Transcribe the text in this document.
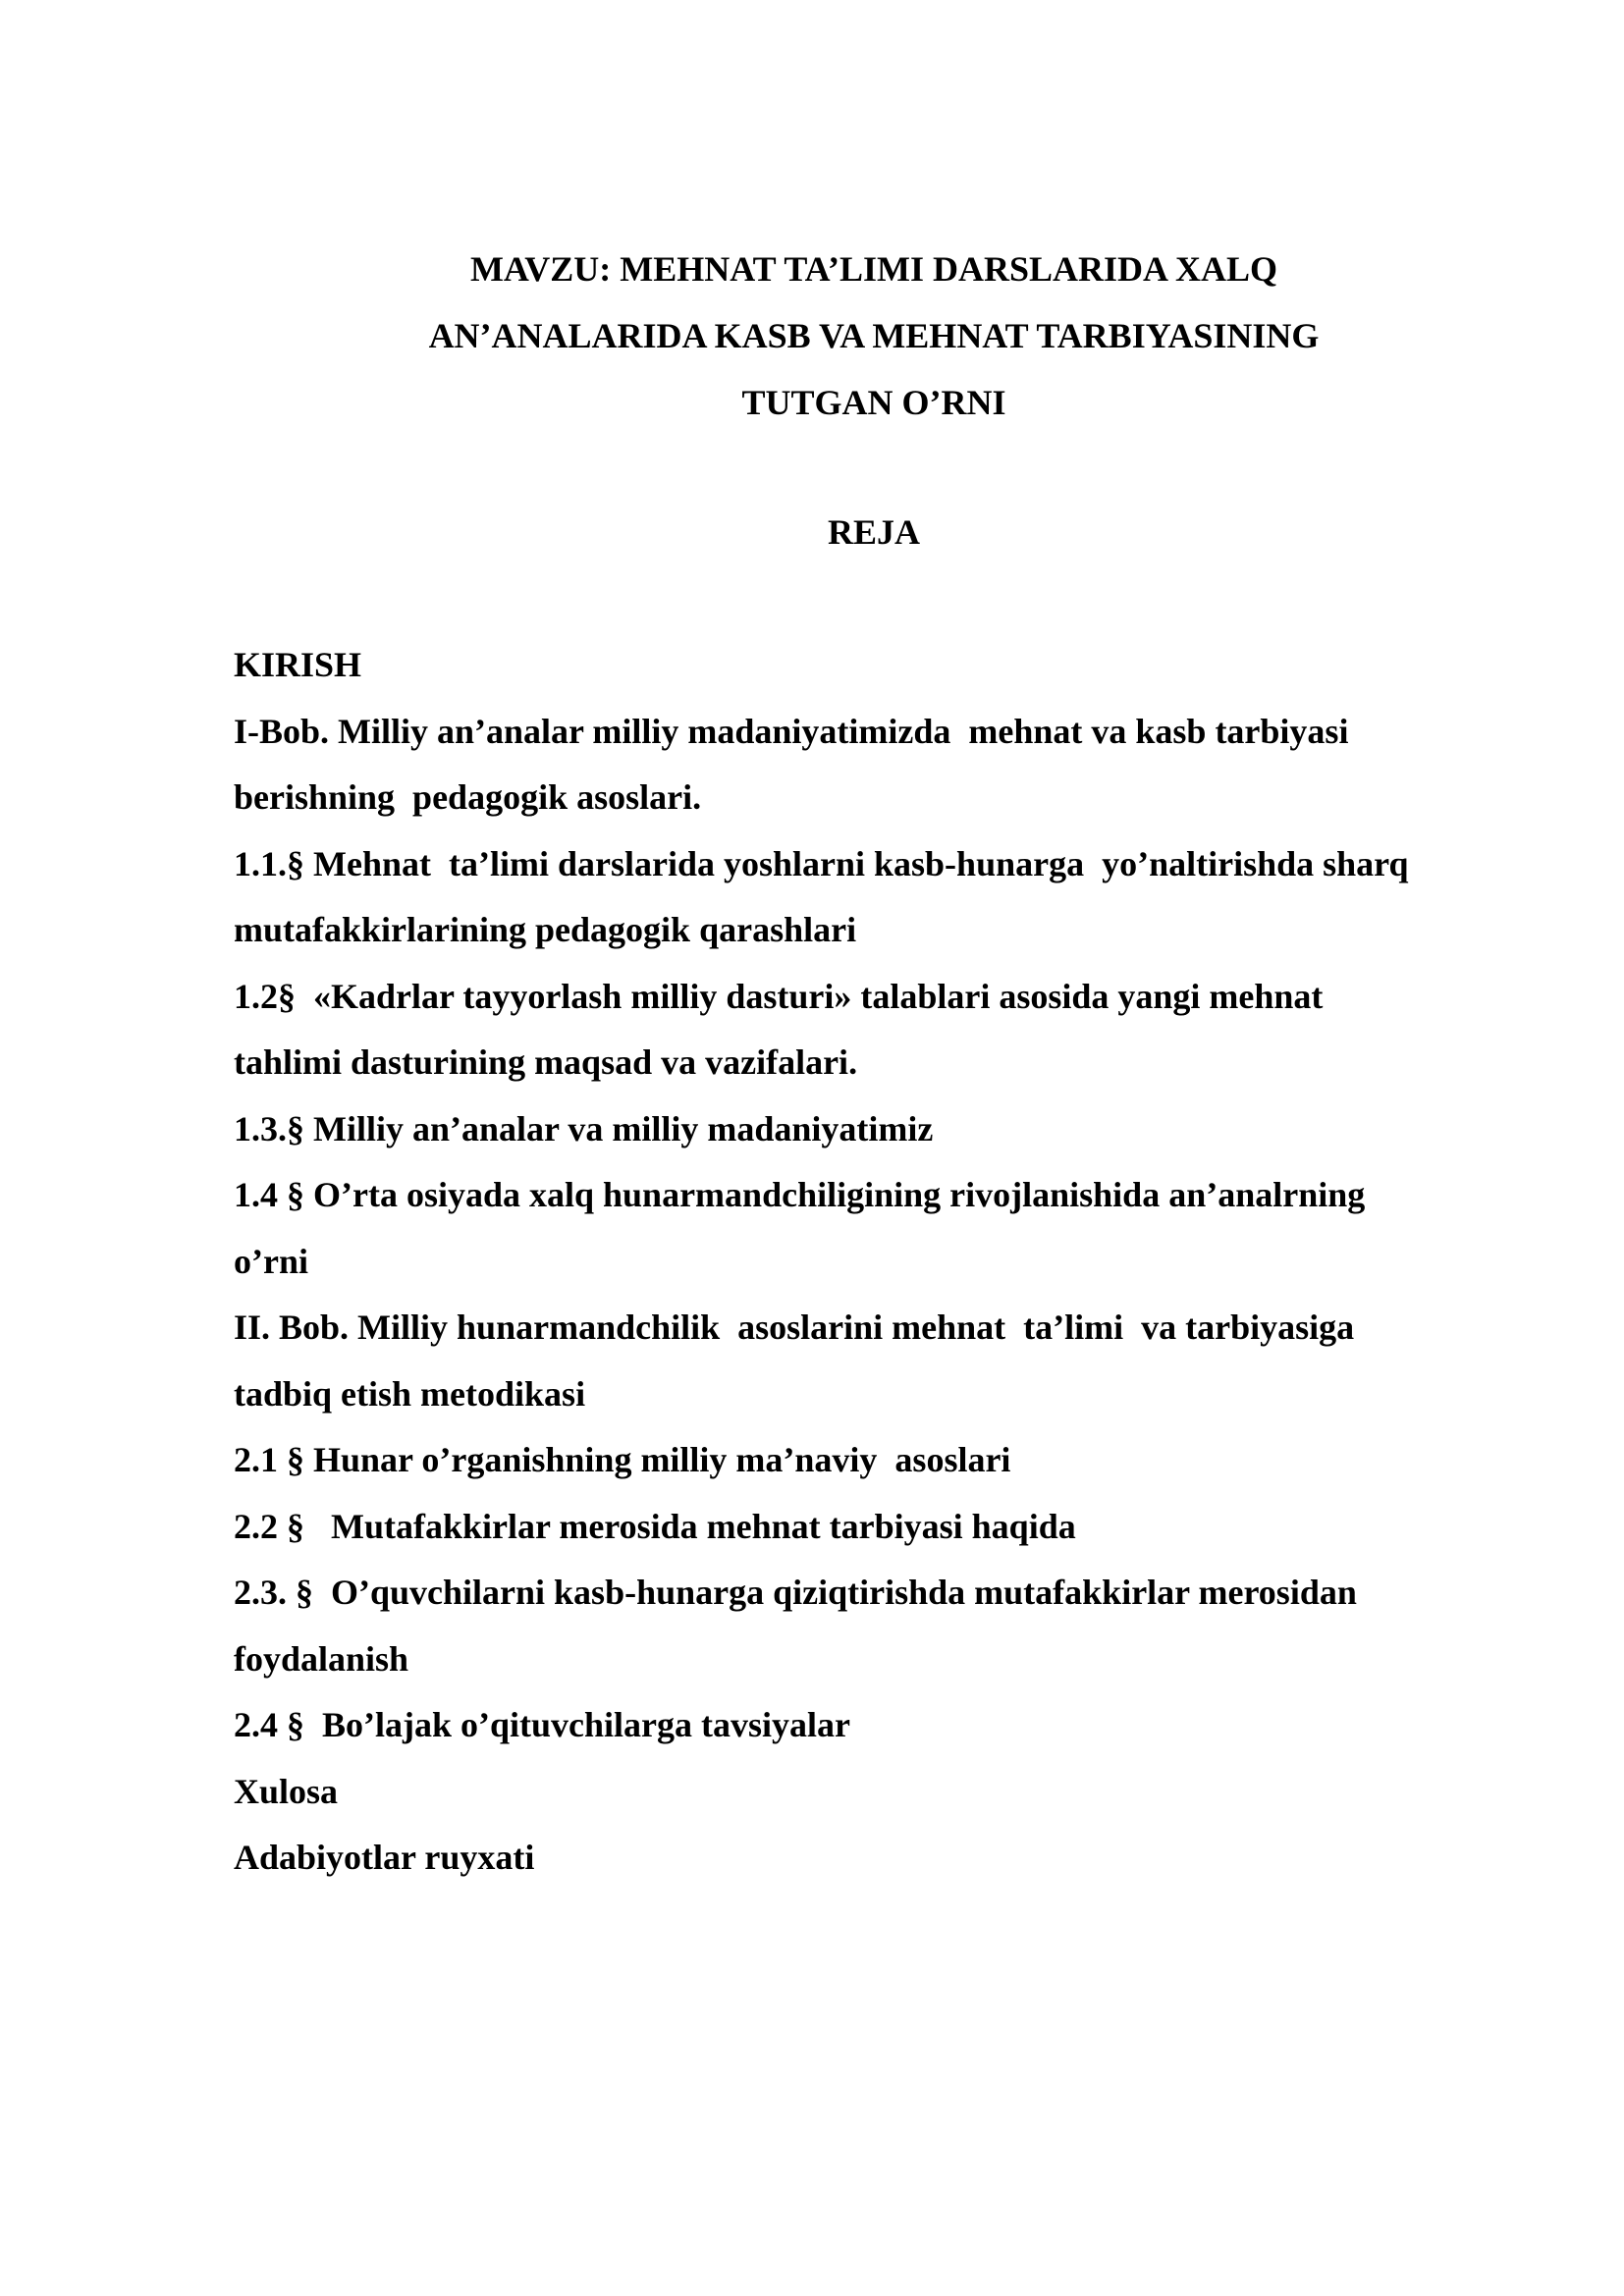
MAVZU: MEHNAT TA’LIMI DARSLARIDA XALQ
AN’ANALARIDA KASB VA MEHNAT TARBIYASINING
TUTGAN O’RNI
REJA
KIRISH
I-Bob. Milliy an’analar milliy madaniyatimizda  mehnat va kasb tarbiyasi
berishning  pedagogik asoslari.
1.1.§ Mehnat  ta’limi darslarida yoshlarni kasb-hunarga  yo’naltirishda sharq
mutafakkirlarining pedagogik qarashlari
1.2§  «Kadrlar tayyorlash milliy dasturi» talablari asosida yangi mehnat
tahlimi dasturining maqsad va vazifalari.
1.3.§ Milliy an’analar va milliy madaniyatimiz
1.4 § O’rta osiyada xalq hunarmandchiligining rivojlanishida an’analrning
o’rni
II. Bob. Milliy hunarmandchilik  asoslarini mehnat  ta’limi  va tarbiyasiga
tadbiq etish metodikasi
2.1 § Hunar o’rganishning milliy ma’naviy  asoslari
2.2 §   Mutafakkirlar merosida mehnat tarbiyasi haqida
2.3. §  O’quvchilarni kasb-hunarga qiziqtirishda mutafakkirlar merosidan
foydalanish
2.4 §  Bo’lajak o’qituvchilarga tavsiyalar
Xulosa
Adabiyotlar ruyxati
